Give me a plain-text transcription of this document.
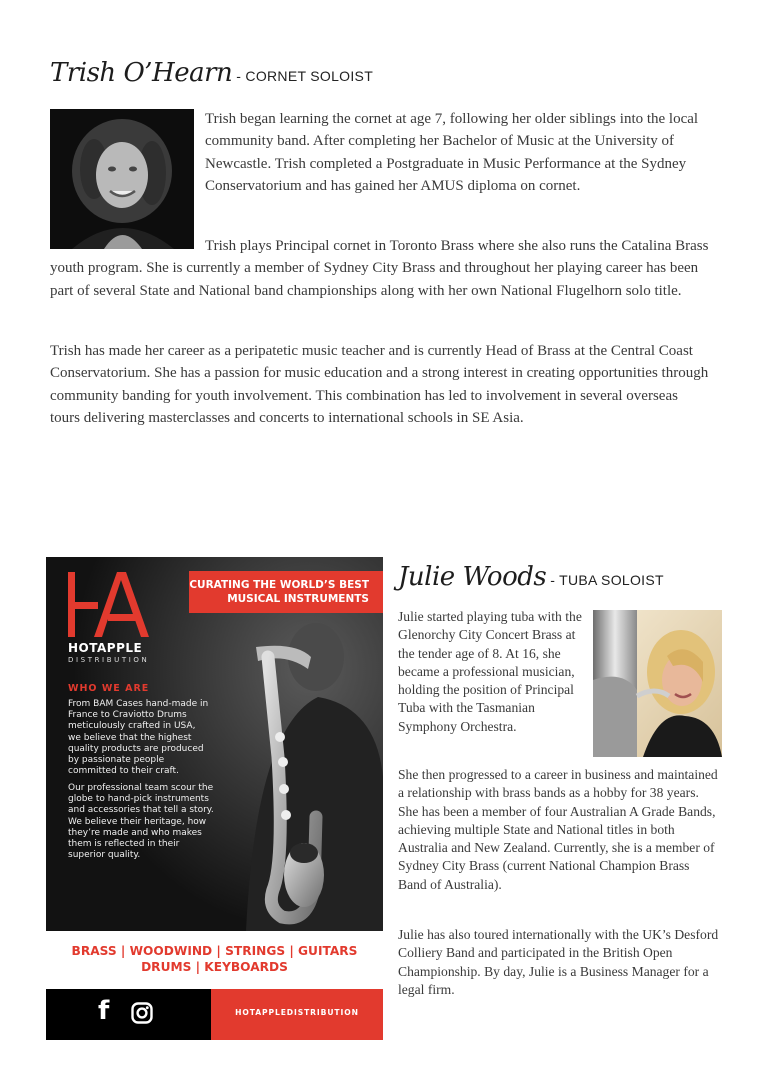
Trish O’Hearn - CORNET SOLOIST
Trish began learning the cornet at age 7, following her older siblings into the local community band. After completing her Bachelor of Music at the University of Newcastle. Trish completed a Postgraduate in Music Performance at the Sydney Conservatorium and has gained her AMUS diploma on cornet.
Trish plays Principal cornet in Toronto Brass where she also runs the Catalina Brass youth program. She is currently a member of Sydney City Brass and throughout her playing career has been part of several State and National band championships along with her own National Flugelhorn solo title.
Trish has made her career as a peripatetic music teacher and is currently Head of Brass at the Central Coast Conservatorium. She has a passion for music education and a strong interest in creating opportunities through community banding for youth involvement. This combination has led to involvement in several overseas tours delivering masterclasses and concerts to international schools in SE Asia.
CURATING THE WORLD’S BEST
MUSICAL INSTRUMENTS
HOTAPPLE
DISTRIBUTION
WHO WE ARE
From BAM Cases hand-made in France to Craviotto Drums meticulously crafted in USA, we believe that the highest quality products are produced by passionate people committed to their craft.
Our professional team scour the globe to hand-pick instruments and accessories that tell a story. We believe their heritage, how they’re made and who makes them is reflected in their superior quality.
BRASS | WOODWIND | STRINGS | GUITARS
DRUMS | KEYBOARDS
f	HOTAPPLEDISTRIBUTION
Julie Woods - TUBA SOLOIST
Julie started playing tuba with the Glenorchy City Concert Brass at the tender age of 8. At 16, she became a professional musician, holding the position of Principal Tuba with the Tasmanian Symphony Orchestra.
She then progressed to a career in business and maintained a relationship with brass bands as a hobby for 38 years. She has been a member of four Australian A Grade Bands, achieving multiple State and National titles in both Australia and New Zealand. Currently, she is a member of Sydney City Brass (current National Champion Brass Band of Australia).
Julie has also toured internationally with the UK’s Desford Colliery Band and participated in the British Open Championship. By day, Julie is a Business Manager for a legal firm.
